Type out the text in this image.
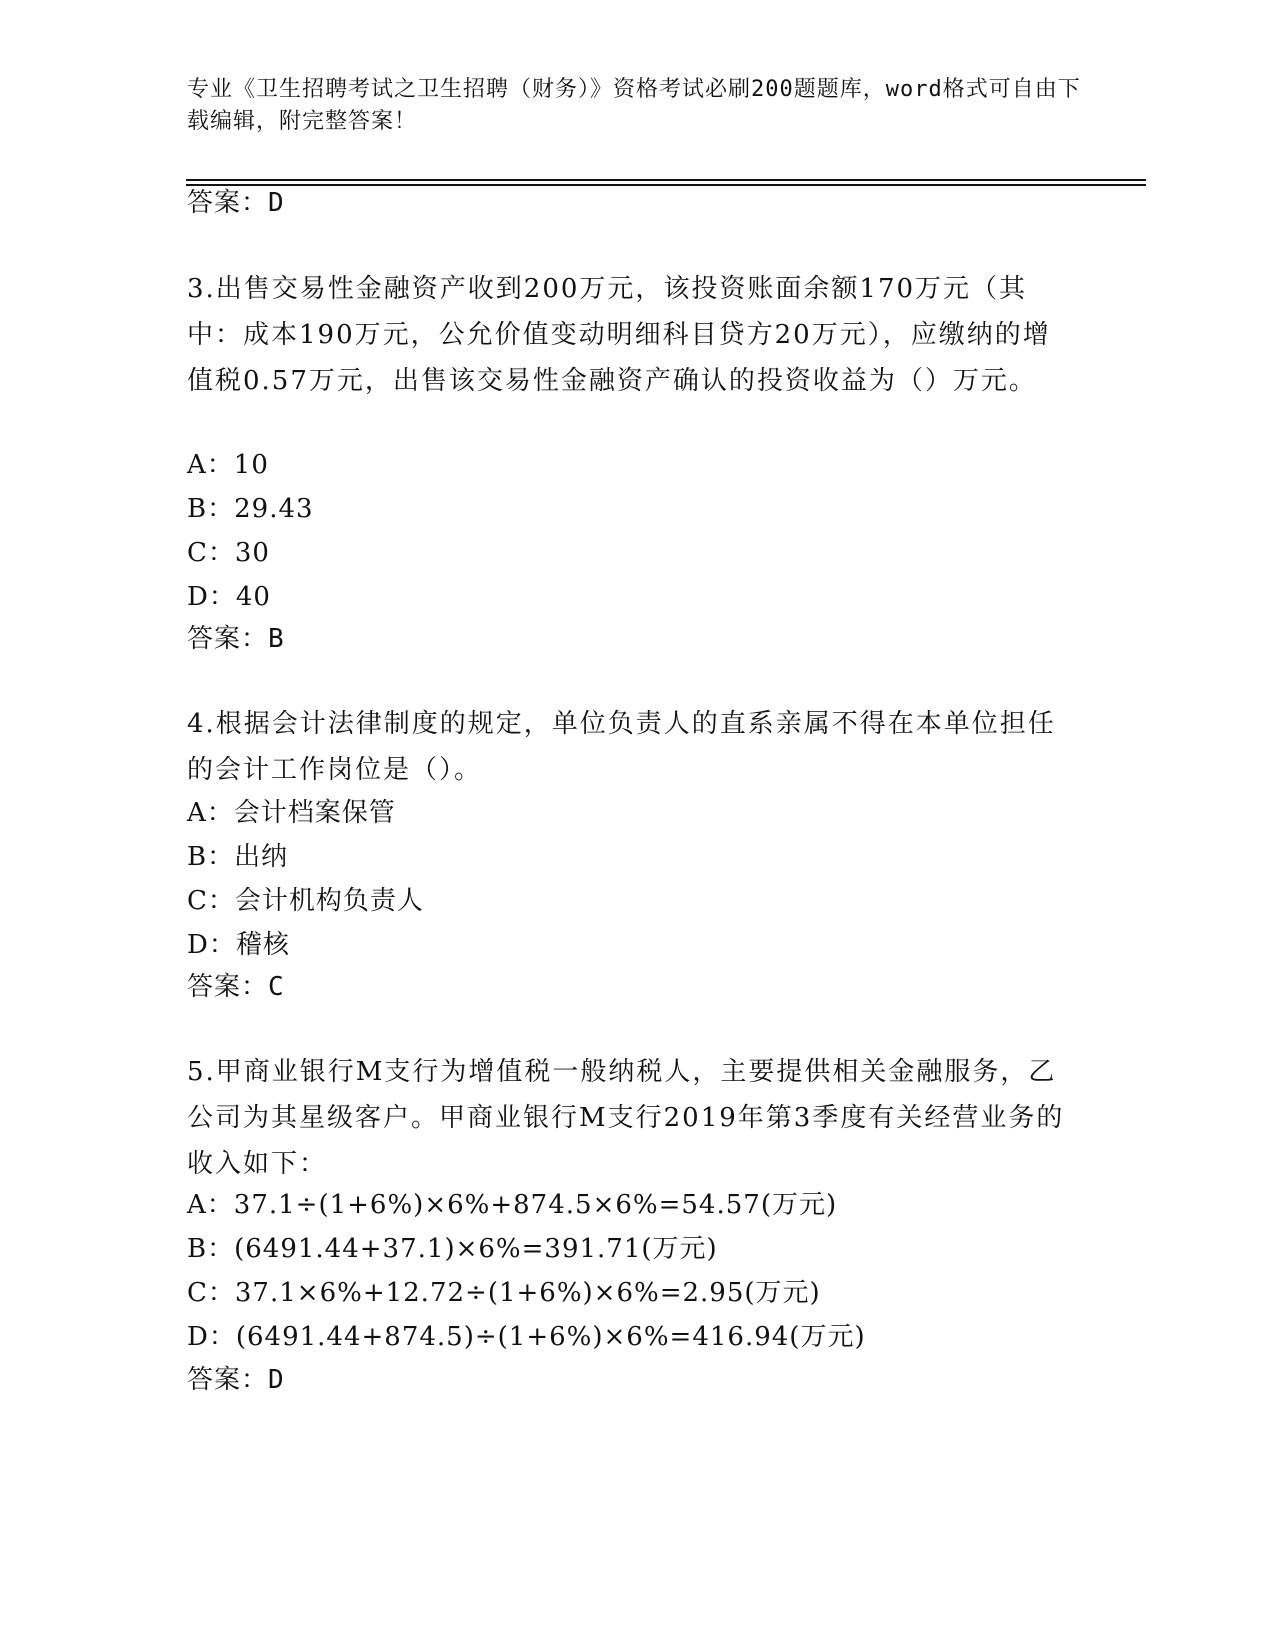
专业《卫生招聘考试之卫生招聘（财务）》资格考试必刷200题题库，word格式可自由下载编辑，附完整答案！
答案：D
3.出售交易性金融资产收到200万元，该投资账面余额170万元（其中：成本190万元，公允价值变动明细科目贷方20万元），应缴纳的增值税0.57万元，出售该交易性金融资产确认的投资收益为（）万元。
A：10
B：29.43
C：30
D：40
答案：B
4.根据会计法律制度的规定，单位负责人的直系亲属不得在本单位担任的会计工作岗位是（）。
A：会计档案保管
B：出纳
C：会计机构负责人
D：稽核
答案：C
5.甲商业银行M支行为增值税一般纳税人，主要提供相关金融服务，乙公司为其星级客户。甲商业银行M支行2019年第3季度有关经营业务的收入如下：
A：37.1÷(1+6%)×6%+874.5×6%=54.57(万元)
B：(6491.44+37.1)×6%=391.71(万元)
C：37.1×6%+12.72÷(1+6%)×6%=2.95(万元)
D：(6491.44+874.5)÷(1+6%)×6%=416.94(万元)
答案：D
